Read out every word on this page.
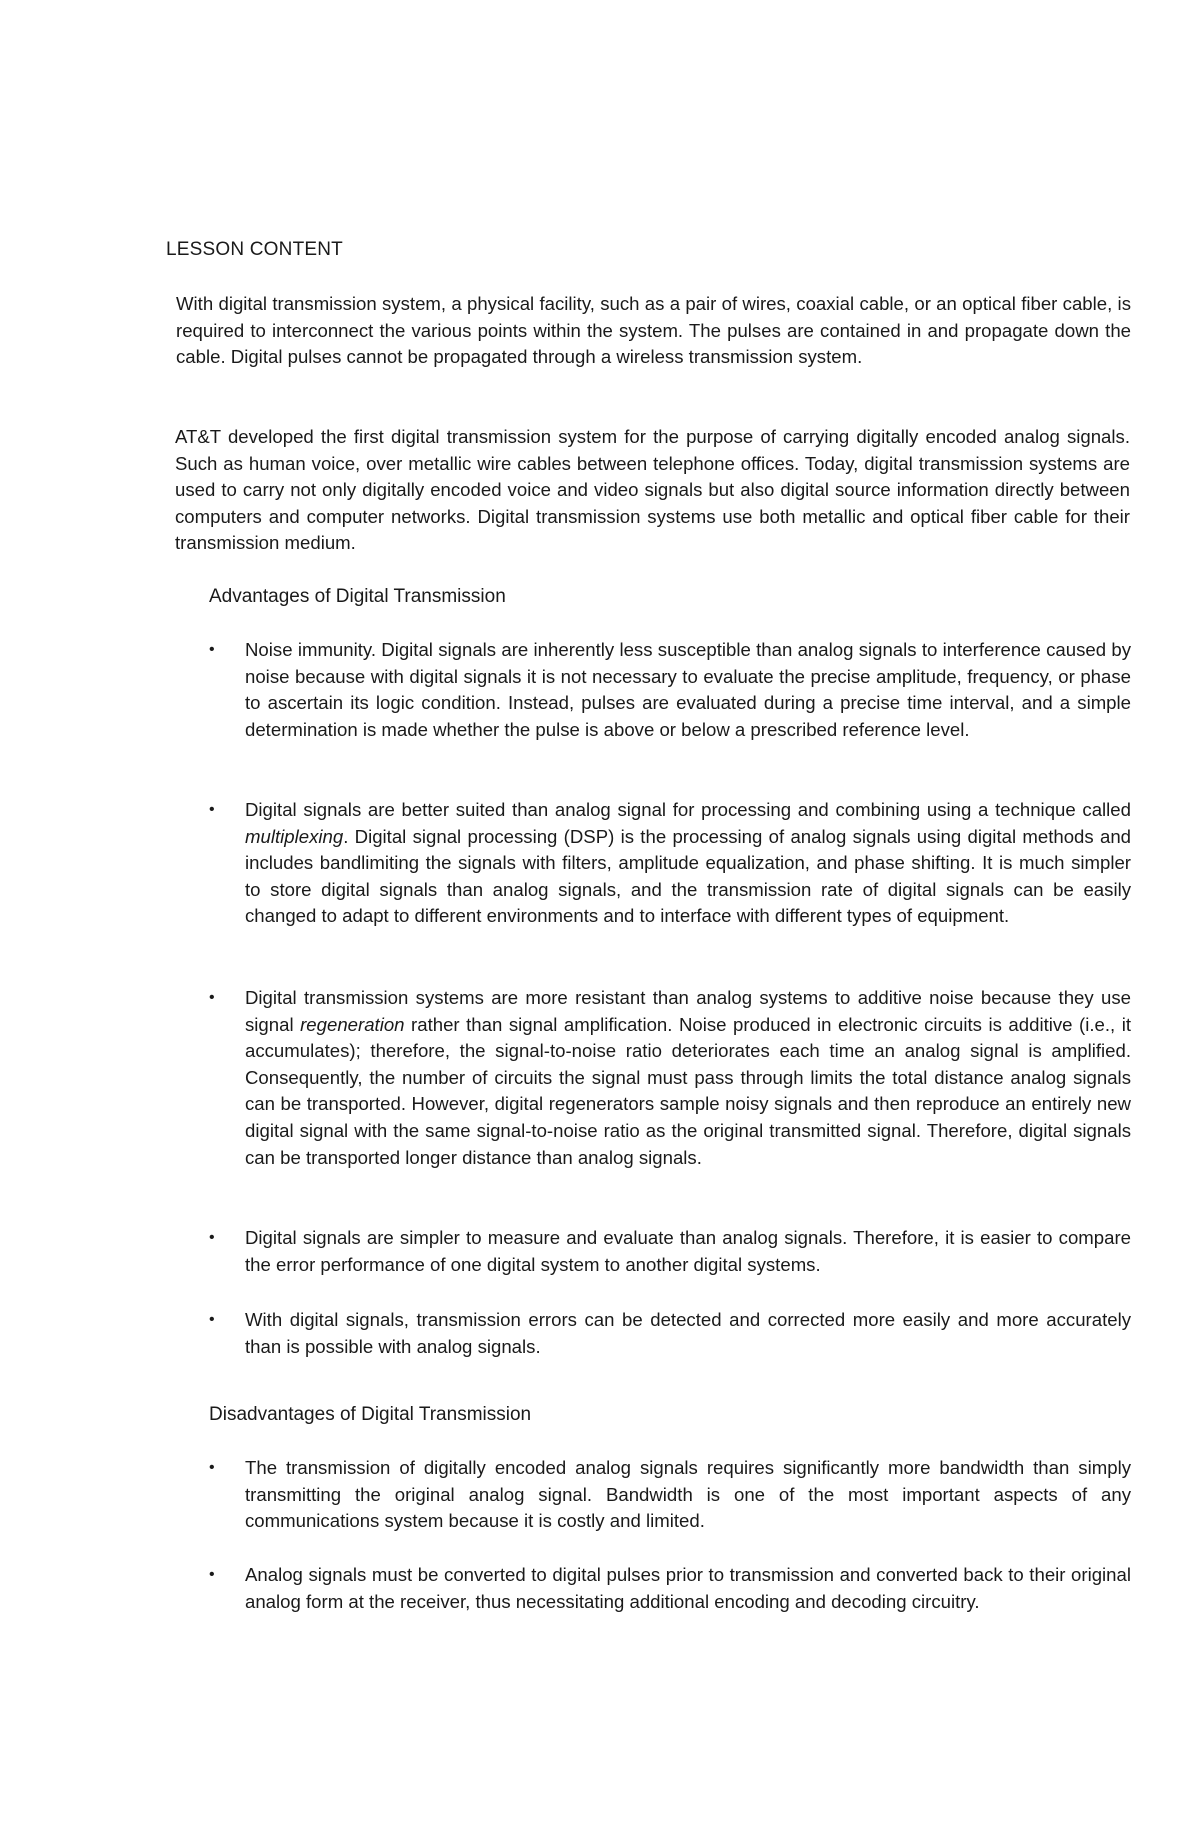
LESSON CONTENT

With digital transmission system, a physical facility, such as a pair of wires, coaxial cable, or an optical fiber cable, is required to interconnect the various points within the system. The pulses are contained in and propagate down the cable. Digital pulses cannot be propagated through a wireless transmission system.

AT&T developed the first digital transmission system for the purpose of carrying digitally encoded analog signals. Such as human voice, over metallic wire cables between telephone offices. Today, digital transmission systems are used to carry not only digitally encoded voice and video signals but also digital source information directly between computers and computer networks. Digital transmission systems use both metallic and optical fiber cable for their transmission medium.

Advantages of Digital Transmission
• Noise immunity. Digital signals are inherently less susceptible than analog signals to interference caused by noise because with digital signals it is not necessary to evaluate the precise amplitude, frequency, or phase to ascertain its logic condition. Instead, pulses are evaluated during a precise time interval, and a simple determination is made whether the pulse is above or below a prescribed reference level.
• Digital signals are better suited than analog signal for processing and combining using a technique called multiplexing. Digital signal processing (DSP) is the processing of analog signals using digital methods and includes bandlimiting the signals with filters, amplitude equalization, and phase shifting. It is much simpler to store digital signals than analog signals, and the transmission rate of digital signals can be easily changed to adapt to different environments and to interface with different types of equipment.
• Digital transmission systems are more resistant than analog systems to additive noise because they use signal regeneration rather than signal amplification. Noise produced in electronic circuits is additive (i.e., it accumulates); therefore, the signal-to-noise ratio deteriorates each time an analog signal is amplified. Consequently, the number of circuits the signal must pass through limits the total distance analog signals can be transported. However, digital regenerators sample noisy signals and then reproduce an entirely new digital signal with the same signal-to-noise ratio as the original transmitted signal. Therefore, digital signals can be transported longer distance than analog signals.
• Digital signals are simpler to measure and evaluate than analog signals. Therefore, it is easier to compare the error performance of one digital system to another digital systems.
• With digital signals, transmission errors can be detected and corrected more easily and more accurately than is possible with analog signals.
Disadvantages of Digital Transmission
• The transmission of digitally encoded analog signals requires significantly more bandwidth than simply transmitting the original analog signal. Bandwidth is one of the most important aspects of any communications system because it is costly and limited.
• Analog signals must be converted to digital pulses prior to transmission and converted back to their original analog form at the receiver, thus necessitating additional encoding and decoding circuitry.
